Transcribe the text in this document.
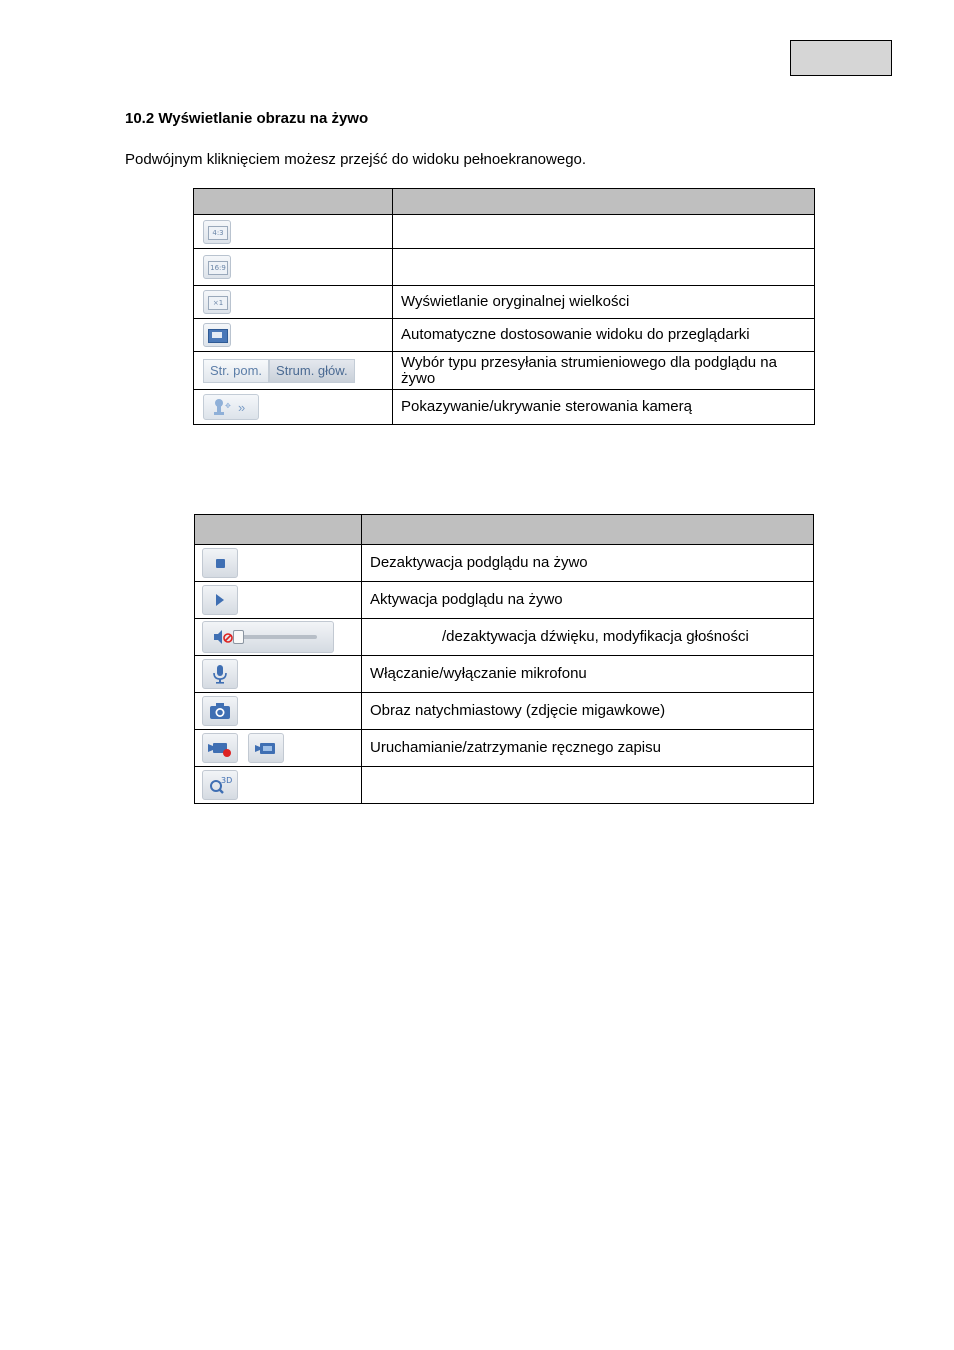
10.2 Wyświetlanie obrazu na żywo
Podwójnym kliknięciem możesz przejść do widoku pełnoekranowego.

4:3	

16:9	

×1	Wyświetlanie oryginalnej wielkości

	Automatyczne dostosowanie widoku do przeglądarki

Str. pom. Strum. głów.	Wybór typu przesyłania strumieniowego dla podglądu na żywo

✥ »	Pokazywanie/ukrywanie sterowania kamerą

	Dezaktywacja podglądu na żywo

	Aktywacja podglądu na żywo

	/dezaktywacja dźwięku, modyfikacja głośności

	Włączanie/wyłączanie mikrofonu

	Obraz natychmiastowy (zdjęcie migawkowe)

	Uruchamianie/zatrzymanie ręcznego zapisu

3D	
